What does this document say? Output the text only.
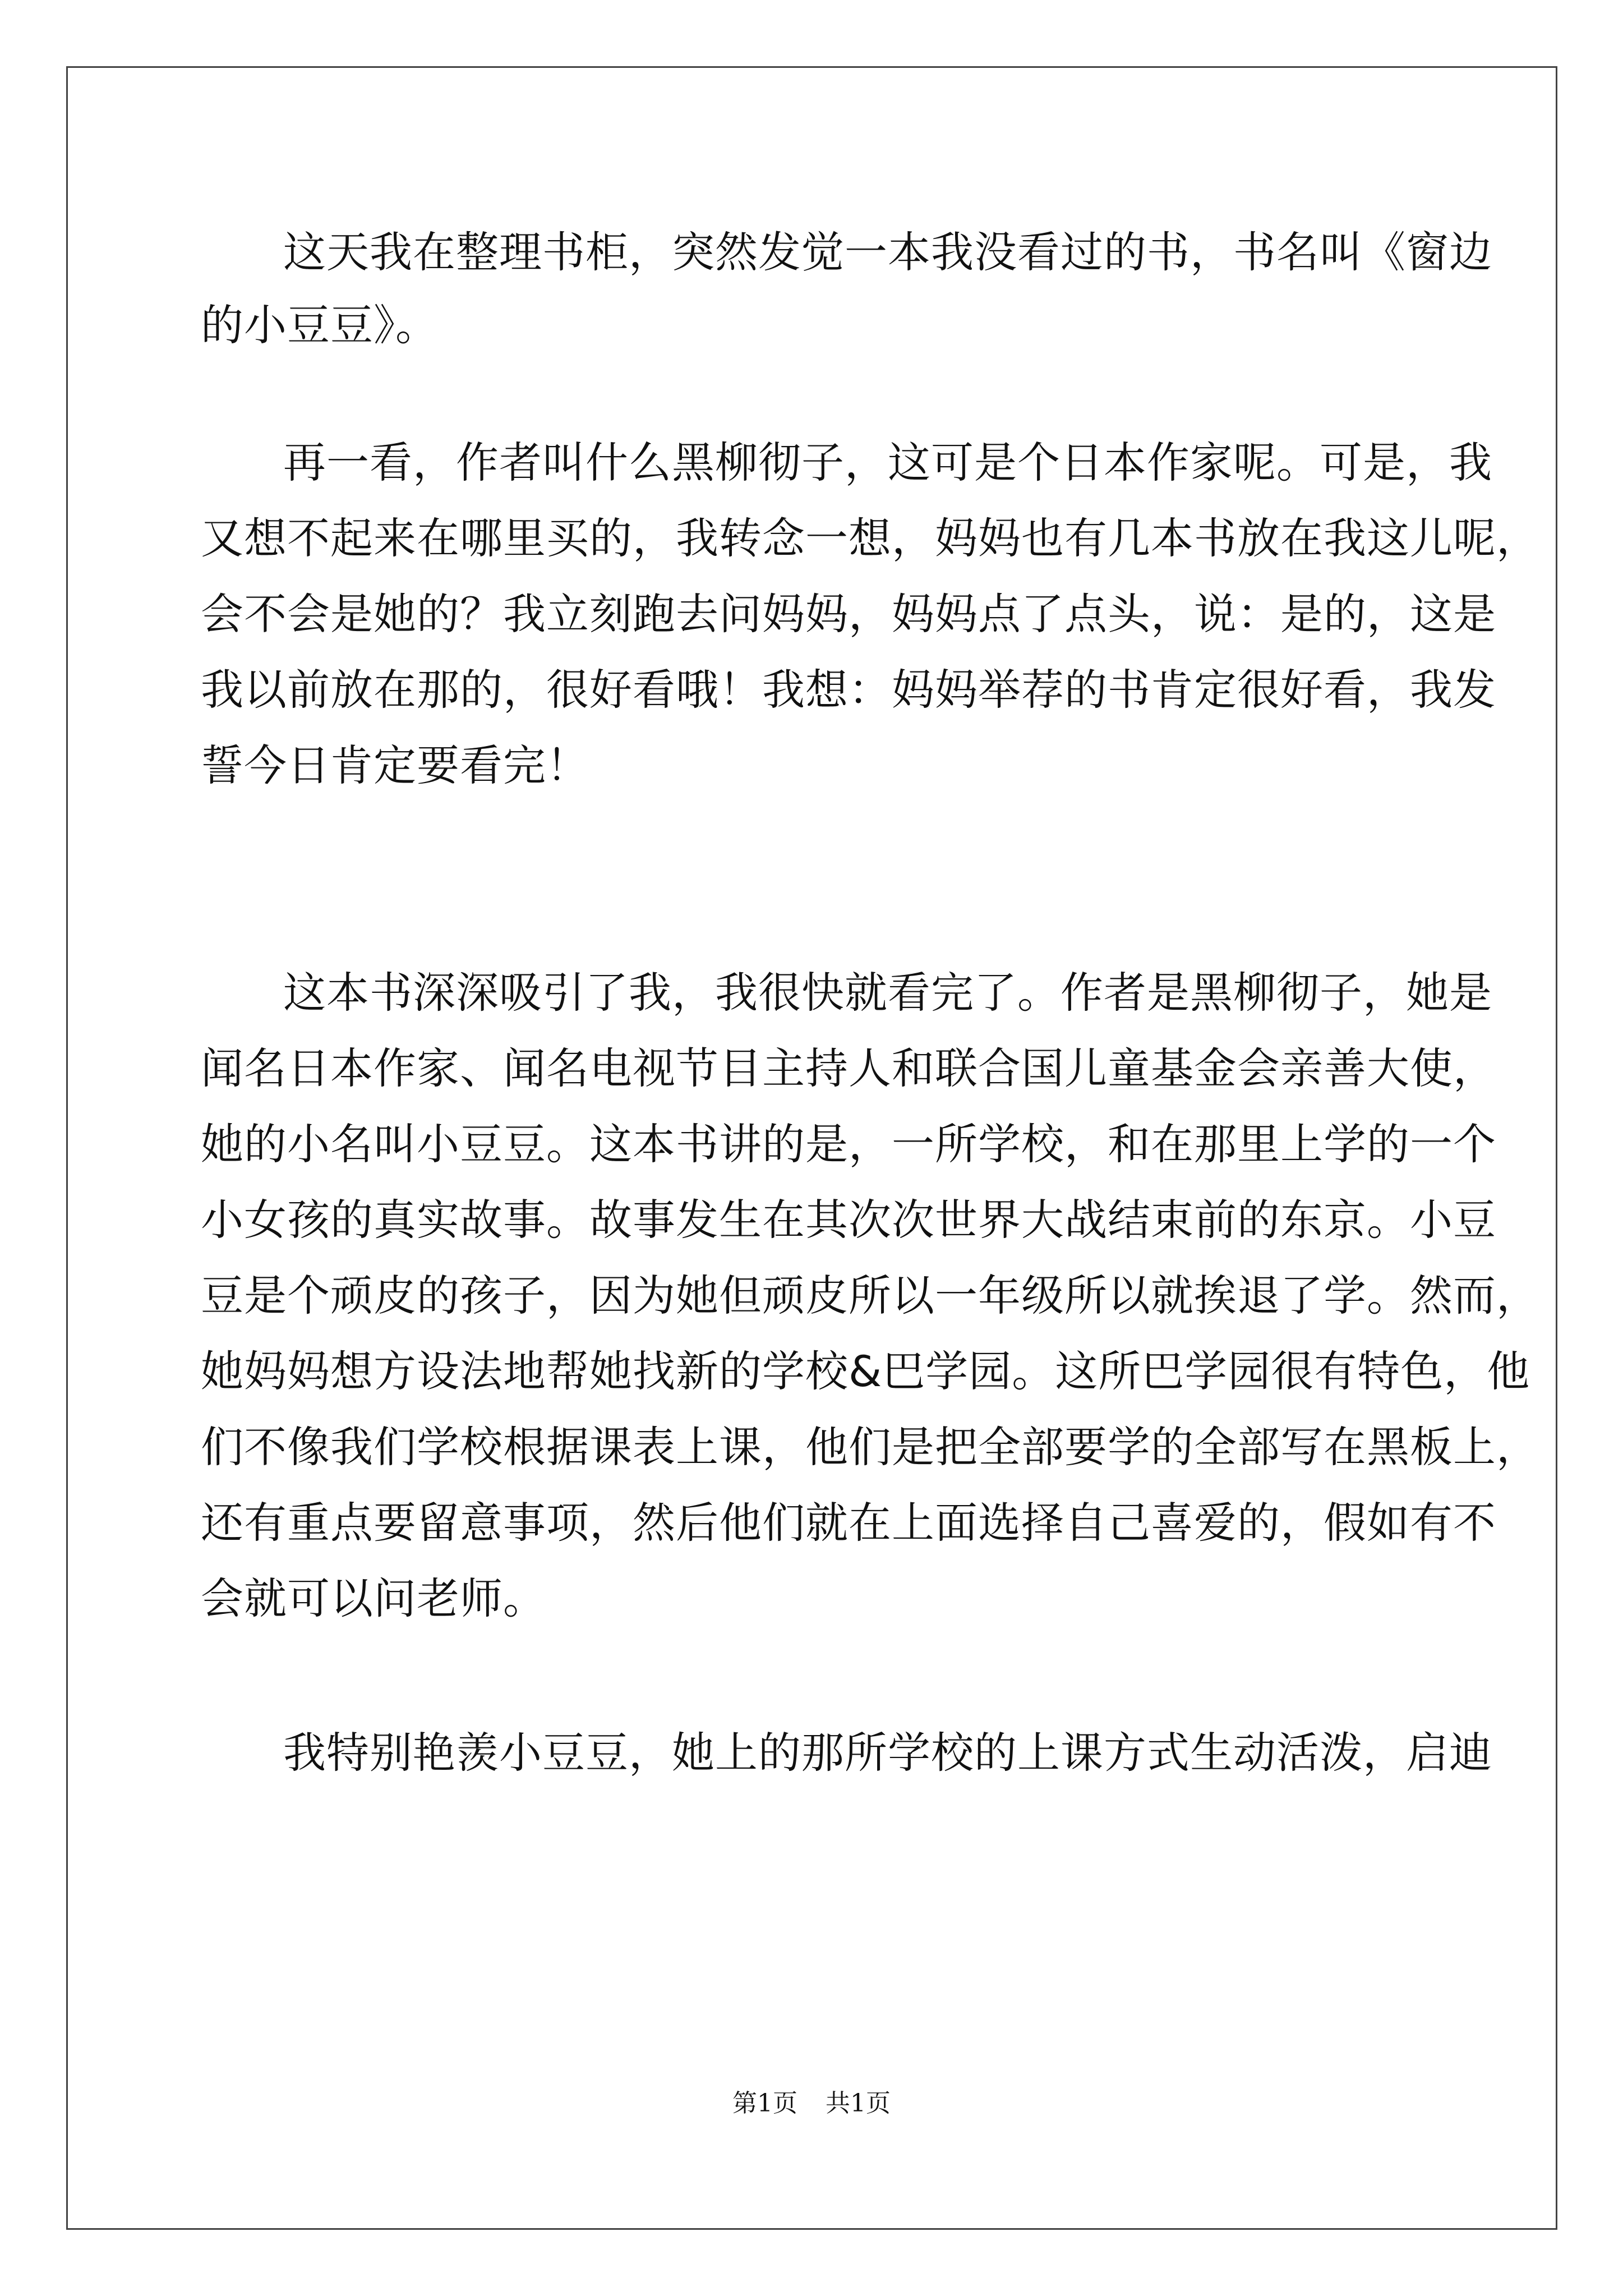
这天我在整理书柜，突然发觉一本我没看过的书，书名叫《窗边
的小豆豆》。
再一看，作者叫什么黑柳彻子，这可是个日本作家呢。可是，我
又想不起来在哪里买的，我转念一想，妈妈也有几本书放在我这儿呢，
会不会是她的？我立刻跑去问妈妈，妈妈点了点头，说：是的，这是
我以前放在那的，很好看哦！我想：妈妈举荐的书肯定很好看，我发
誓今日肯定要看完！
这本书深深吸引了我，我很快就看完了。作者是黑柳彻子，她是
闻名日本作家、闻名电视节目主持人和联合国儿童基金会亲善大使，
她的小名叫小豆豆。这本书讲的是，一所学校，和在那里上学的一个
小女孩的真实故事。故事发生在其次次世界大战结束前的东京。小豆
豆是个顽皮的孩子，因为她但顽皮所以一年级所以就挨退了学。然而，
她妈妈想方设法地帮她找新的学校&巴学园。这所巴学园很有特色，他
们不像我们学校根据课表上课，他们是把全部要学的全部写在黑板上，
还有重点要留意事项，然后他们就在上面选择自己喜爱的，假如有不
会就可以问老师。
我特别艳羡小豆豆，她上的那所学校的上课方式生动活泼，启迪
第1页 共1页
